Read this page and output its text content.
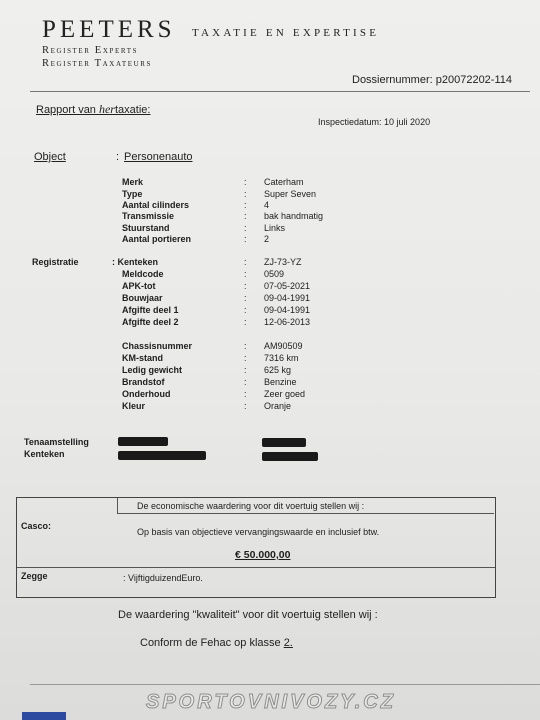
PEETERS TAXATIE EN EXPERTISE
Register Experts
Register Taxateurs
Dossiernummer: p20072202-114
Rapport van hertaxatie:
Inspectiedatum: 10 juli 2020
Object	: Personenauto
Merk	: Caterham
Type	: Super Seven
Aantal cilinders	: 4
Transmissie	: bak handmatig
Stuurstand	: Links
Aantal portieren	: 2
Registratie	: Kenteken	: ZJ-73-YZ
Meldcode	: 0509
APK-tot	: 07-05-2021
Bouwjaar	: 09-04-1991
Afgifte deel 1	: 09-04-1991
Afgifte deel 2	: 12-06-2013
Chassisnummer	: AM90509
KM-stand	: 7316 km
Ledig gewicht	: 625 kg
Brandstof	: Benzine
Onderhoud	: Zeer goed
Kleur	: Oranje
Tenaamstelling
Kenteken
De economische waardering voor dit voertuig stellen wij :
Casco:
Op basis van objectieve vervangingswaarde en inclusief btw.
€ 50.000,00
Zegge	: VijftigduizendEuro.
De waardering "kwaliteit" voor dit voertuig stellen wij :
Conform de Fehac op klasse 2.
SPORTOVNIVOZY.CZ
